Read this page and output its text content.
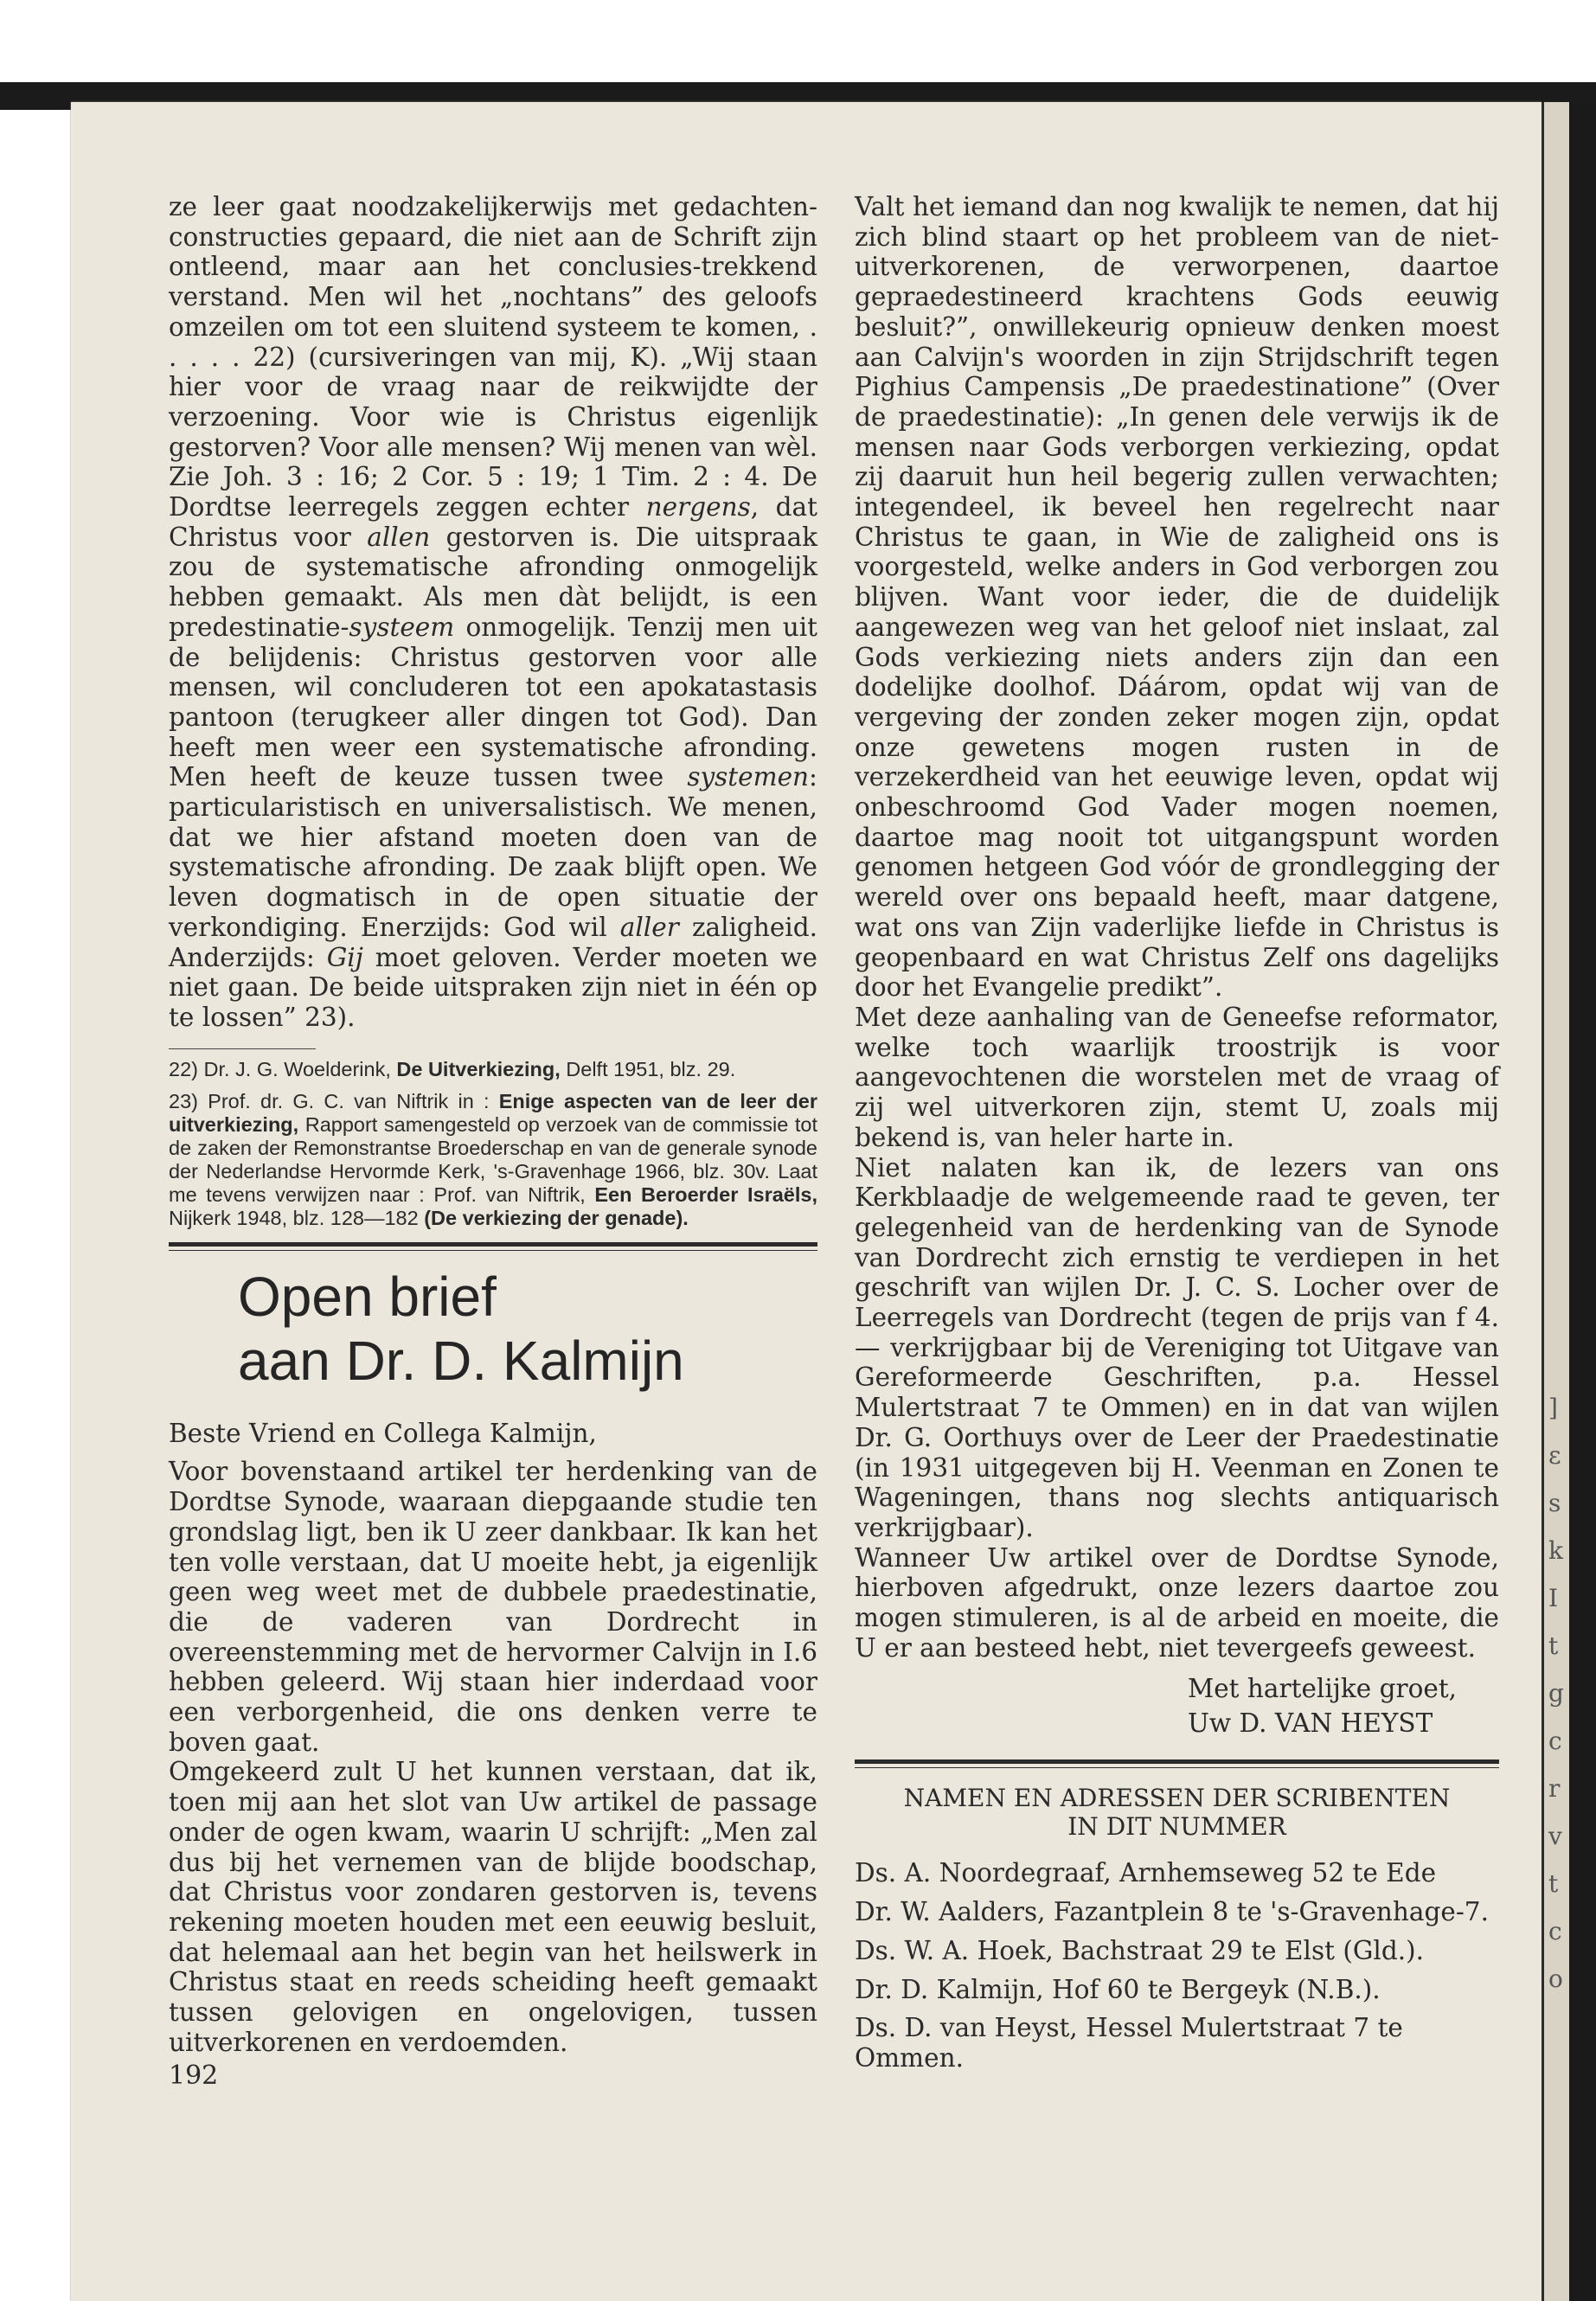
]
ε
s
k
I
t
g
c
r
v
t
c
o

ze leer gaat noodzakelijkerwijs met gedachten-constructies gepaard, die niet aan de Schrift zijn ontleend, maar aan het conclusies-trekkend verstand. Men wil het „nochtans” des geloofs omzeilen om tot een sluitend systeem te komen, . . . . . 22) (cursiveringen van mij, K). „Wij staan hier voor de vraag naar de reikwijdte der verzoening. Voor wie is Christus eigenlijk gestorven? Voor alle mensen? Wij menen van wèl. Zie Joh. 3 : 16; 2 Cor. 5 : 19; 1 Tim. 2 : 4. De Dordtse leerregels zeggen echter nergens, dat Christus voor allen gestorven is. Die uitspraak zou de systematische afronding onmogelijk hebben gemaakt. Als men dàt belijdt, is een predestinatie-systeem onmogelijk. Tenzij men uit de belijdenis: Christus gestorven voor alle mensen, wil concluderen tot een apokatastasis pantoon (terugkeer aller dingen tot God). Dan heeft men weer een systematische afronding. Men heeft de keuze tussen twee systemen: particularistisch en universalistisch. We menen, dat we hier afstand moeten doen van de systematische afronding. De zaak blijft open. We leven dogmatisch in de open situatie der verkondiging. Enerzijds: God wil aller zaligheid. Anderzijds: Gij moet geloven. Verder moeten we niet gaan. De beide uitspraken zijn niet in één op te lossen” 23).

22) Dr. J. G. Woelderink, De Uitverkiezing, Delft 1951, blz. 29.
23) Prof. dr. G. C. van Niftrik in : Enige aspecten van de leer der uitverkiezing, Rapport samengesteld op verzoek van de commissie tot de zaken der Remonstrantse Broederschap en van de generale synode der Nederlandse Hervormde Kerk, 's-Gravenhage 1966, blz. 30v. Laat me tevens verwijzen naar : Prof. van Niftrik, Een Beroerder Israëls, Nijkerk 1948, blz. 128—182 (De verkiezing der genade).
Open brief
aan Dr. D. Kalmijn

Beste Vriend en Collega Kalmijn,

Voor bovenstaand artikel ter herdenking van de Dordtse Synode, waaraan diepgaande studie ten grondslag ligt, ben ik U zeer dankbaar. Ik kan het ten volle verstaan, dat U moeite hebt, ja eigenlijk geen weg weet met de dubbele praedestinatie, die de vaderen van Dordrecht in overeenstemming met de hervormer Calvijn in I.6 hebben geleerd. Wij staan hier inderdaad voor een verborgenheid, die ons denken verre te boven gaat.

Omgekeerd zult U het kunnen verstaan, dat ik, toen mij aan het slot van Uw artikel de passage onder de ogen kwam, waarin U schrijft: „Men zal dus bij het vernemen van de blijde boodschap, dat Christus voor zondaren gestorven is, tevens rekening moeten houden met een eeuwig besluit, dat helemaal aan het begin van het heilswerk in Christus staat en reeds scheiding heeft gemaakt tussen gelovigen en ongelovigen, tussen uitverkorenen en verdoemden.

192

Valt het iemand dan nog kwalijk te nemen, dat hij zich blind staart op het probleem van de niet-uitverkorenen, de verworpenen, daartoe gepraedestineerd krachtens Gods eeuwig besluit?”, onwillekeurig opnieuw denken moest aan Calvijn's woorden in zijn Strijdschrift tegen Pighius Campensis „De praedestinatione” (Over de praedestinatie): „In genen dele verwijs ik de mensen naar Gods verborgen verkiezing, opdat zij daaruit hun heil begerig zullen verwachten; integendeel, ik beveel hen regelrecht naar Christus te gaan, in Wie de zaligheid ons is voorgesteld, welke anders in God verborgen zou blijven. Want voor ieder, die de duidelijk aangewezen weg van het geloof niet inslaat, zal Gods verkiezing niets anders zijn dan een dodelijke doolhof. Dáárom, opdat wij van de vergeving der zonden zeker mogen zijn, opdat onze gewetens mogen rusten in de verzekerdheid van het eeuwige leven, opdat wij onbeschroomd God Vader mogen noemen, daartoe mag nooit tot uitgangspunt worden genomen hetgeen God vóór de grondlegging der wereld over ons bepaald heeft, maar datgene, wat ons van Zijn vaderlijke liefde in Christus is geopenbaard en wat Christus Zelf ons dagelijks door het Evangelie predikt”.

Met deze aanhaling van de Geneefse reformator, welke toch waarlijk troostrijk is voor aangevochtenen die worstelen met de vraag of zij wel uitverkoren zijn, stemt U, zoals mij bekend is, van heler harte in.

Niet nalaten kan ik, de lezers van ons Kerkblaadje de welgemeende raad te geven, ter gelegenheid van de herdenking van de Synode van Dordrecht zich ernstig te verdiepen in het geschrift van wijlen Dr. J. C. S. Locher over de Leerregels van Dordrecht (tegen de prijs van f 4.— verkrijgbaar bij de Vereniging tot Uitgave van Gereformeerde Geschriften, p.a. Hessel Mulertstraat 7 te Ommen) en in dat van wijlen Dr. G. Oorthuys over de Leer der Praedestinatie (in 1931 uitgegeven bij H. Veenman en Zonen te Wageningen, thans nog slechts antiquarisch verkrijgbaar).

Wanneer Uw artikel over de Dordtse Synode, hierboven afgedrukt, onze lezers daartoe zou mogen stimuleren, is al de arbeid en moeite, die U er aan besteed hebt, niet tevergeefs geweest.

Met hartelijke groet,
Uw D. VAN HEYST
NAMEN EN ADRESSEN DER SCRIBENTEN
IN DIT NUMMER
Ds. A. Noordegraaf, Arnhemseweg 52 te Ede
Dr. W. Aalders, Fazantplein 8 te 's-Gravenhage-7.
Ds. W. A. Hoek, Bachstraat 29 te Elst (Gld.).
Dr. D. Kalmijn, Hof 60 te Bergeyk (N.B.).
Ds. D. van Heyst, Hessel Mulertstraat 7 te Ommen.
